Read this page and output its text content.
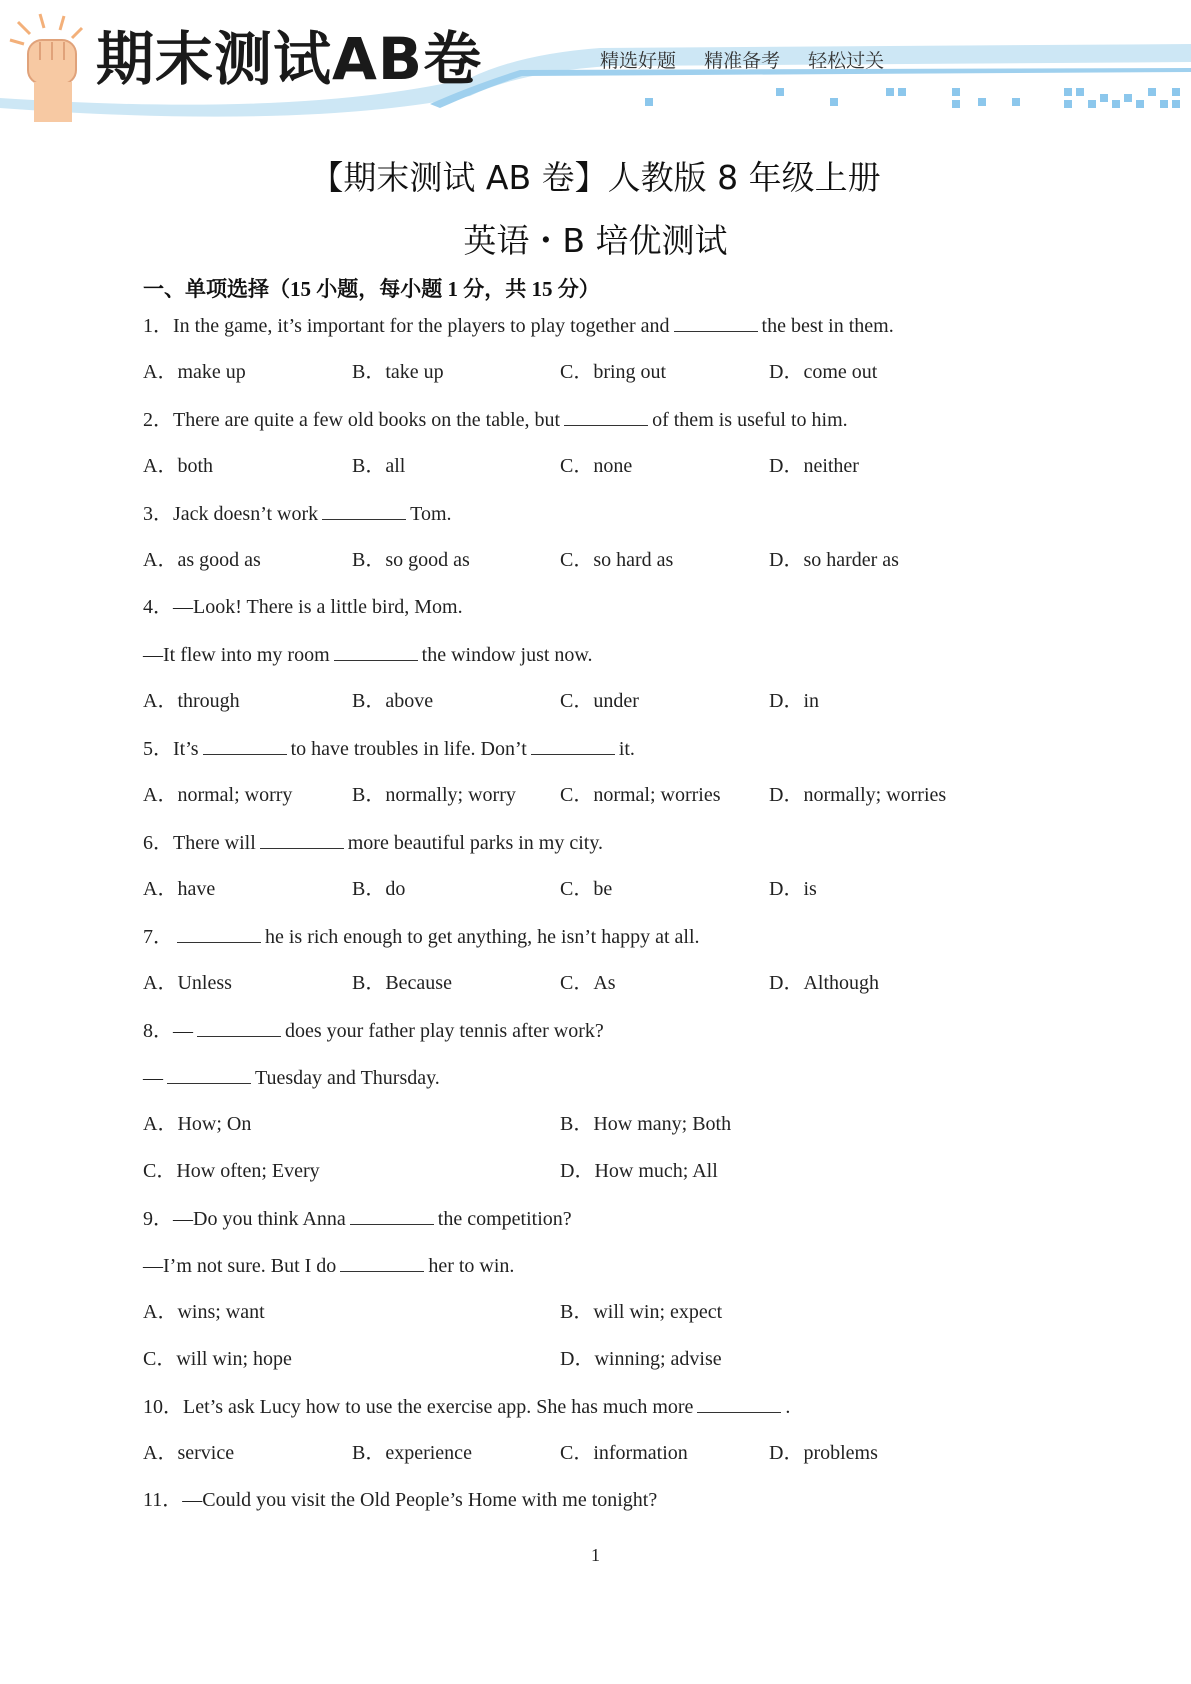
期末测试AB卷	精选好题 精准备考 轻松过关
【期末测试 AB 卷】人教版 8 年级上册
英语・B 培优测试
一、单项选择（15 小题，每小题 1 分，共 15 分）
1．In the game, it’s important for the players to play together and	the best in them.
A．make up	B．take up	C．bring out	D．come out
2．There are quite a few old books on the table, but	of them is useful to him.
A．both	B．all	C．none	D．neither
3．Jack doesn’t work	Tom.
A．as good as	B．so good as	C．so hard as	D．so harder as
4．—Look! There is a little bird, Mom.
—It flew into my room	the window just now.
A．through	B．above	C．under	D．in
5．It’s	to have troubles in life. Don’t	it.
A．normal; worry	B．normally; worry C．normal; worries D．normally; worries
6．There will	more beautiful parks in my city.
A．have	B．do	C．be	D．is
7．	he is rich enough to get anything, he isn’t happy at all.
A．Unless	B．Because	C．As	D．Although
8．—	does your father play tennis after work?
—	Tuesday and Thursday.
A．How; On	B．How many; Both
C．How often; Every	D．How much; All
9．—Do you think Anna	the competition?
—I’m not sure. But I do	her to win.
A．wins; want	B．will win; expect
C．will win; hope	D．winning; advise
10．Let’s ask Lucy how to use the exercise app. She has much more	.
A．service	B．experience	C．information	D．problems
11．—Could you visit the Old People’s Home with me tonight?
1
